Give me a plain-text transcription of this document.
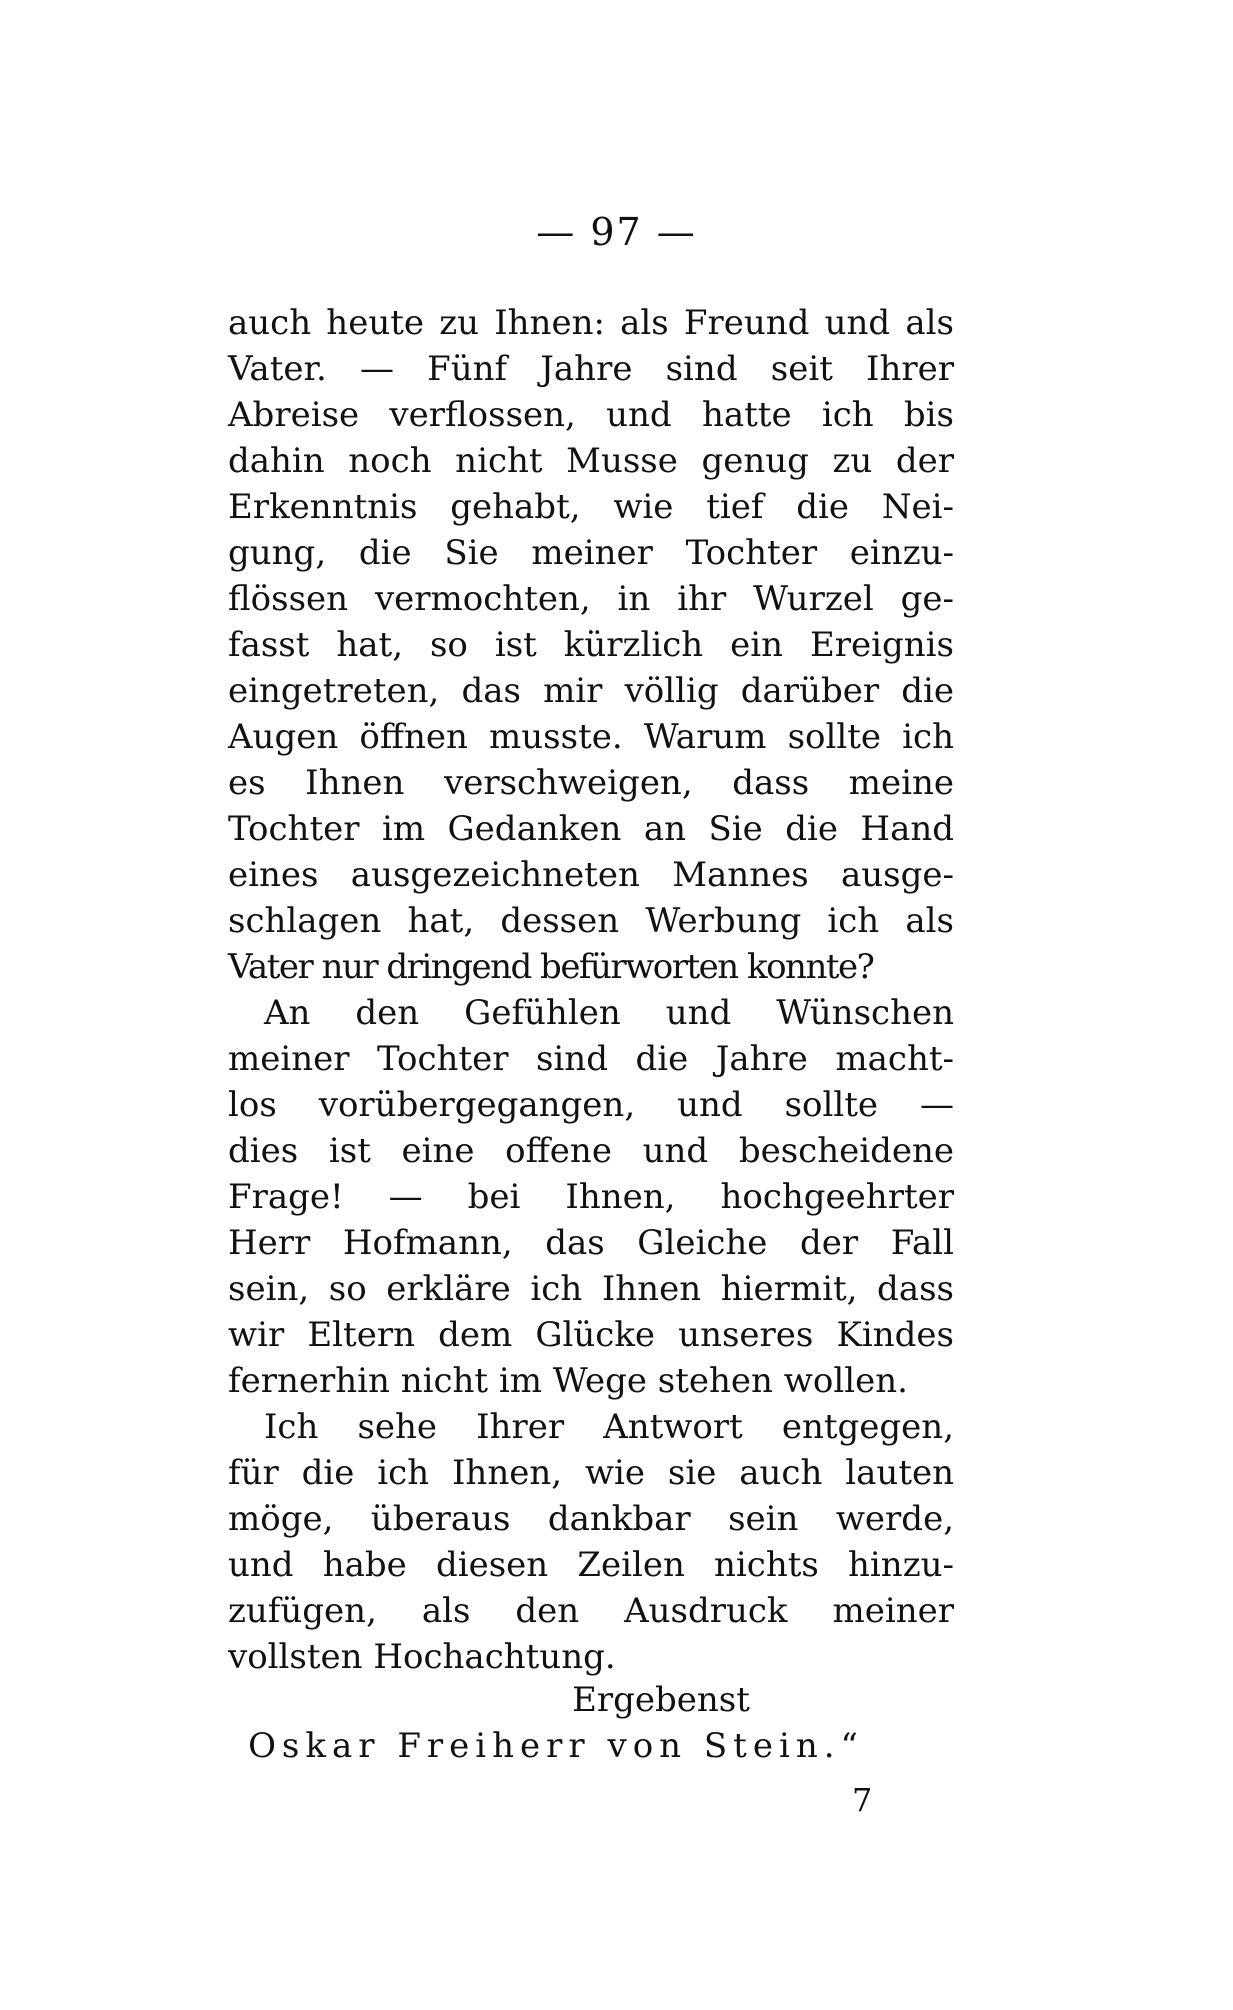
— 97 —
auch heute zu Ihnen: als Freund und als
Vater. — Fünf Jahre sind seit Ihrer
Abreise verflossen, und hatte ich bis
dahin noch nicht Musse genug zu der
Erkenntnis gehabt, wie tief die Nei-
gung, die Sie meiner Tochter einzu-
flössen vermochten, in ihr Wurzel ge-
fasst hat, so ist kürzlich ein Ereignis
eingetreten, das mir völlig darüber die
Augen öffnen musste. Warum sollte ich
es Ihnen verschweigen, dass meine
Tochter im Gedanken an Sie die Hand
eines ausgezeichneten Mannes ausge-
schlagen hat, dessen Werbung ich als
Vater nur dringend befürworten konnte?
An den Gefühlen und Wünschen
meiner Tochter sind die Jahre macht-
los vorübergegangen, und sollte —
dies ist eine offene und bescheidene
Frage! — bei Ihnen, hochgeehrter
Herr Hofmann, das Gleiche der Fall
sein, so erkläre ich Ihnen hiermit, dass
wir Eltern dem Glücke unseres Kindes
fernerhin nicht im Wege stehen wollen.
Ich sehe Ihrer Antwort entgegen,
für die ich Ihnen, wie sie auch lauten
möge, überaus dankbar sein werde,
und habe diesen Zeilen nichts hinzu-
zufügen, als den Ausdruck meiner
vollsten Hochachtung.
Ergebenst
Oskar Freiherr von Stein.“
7
